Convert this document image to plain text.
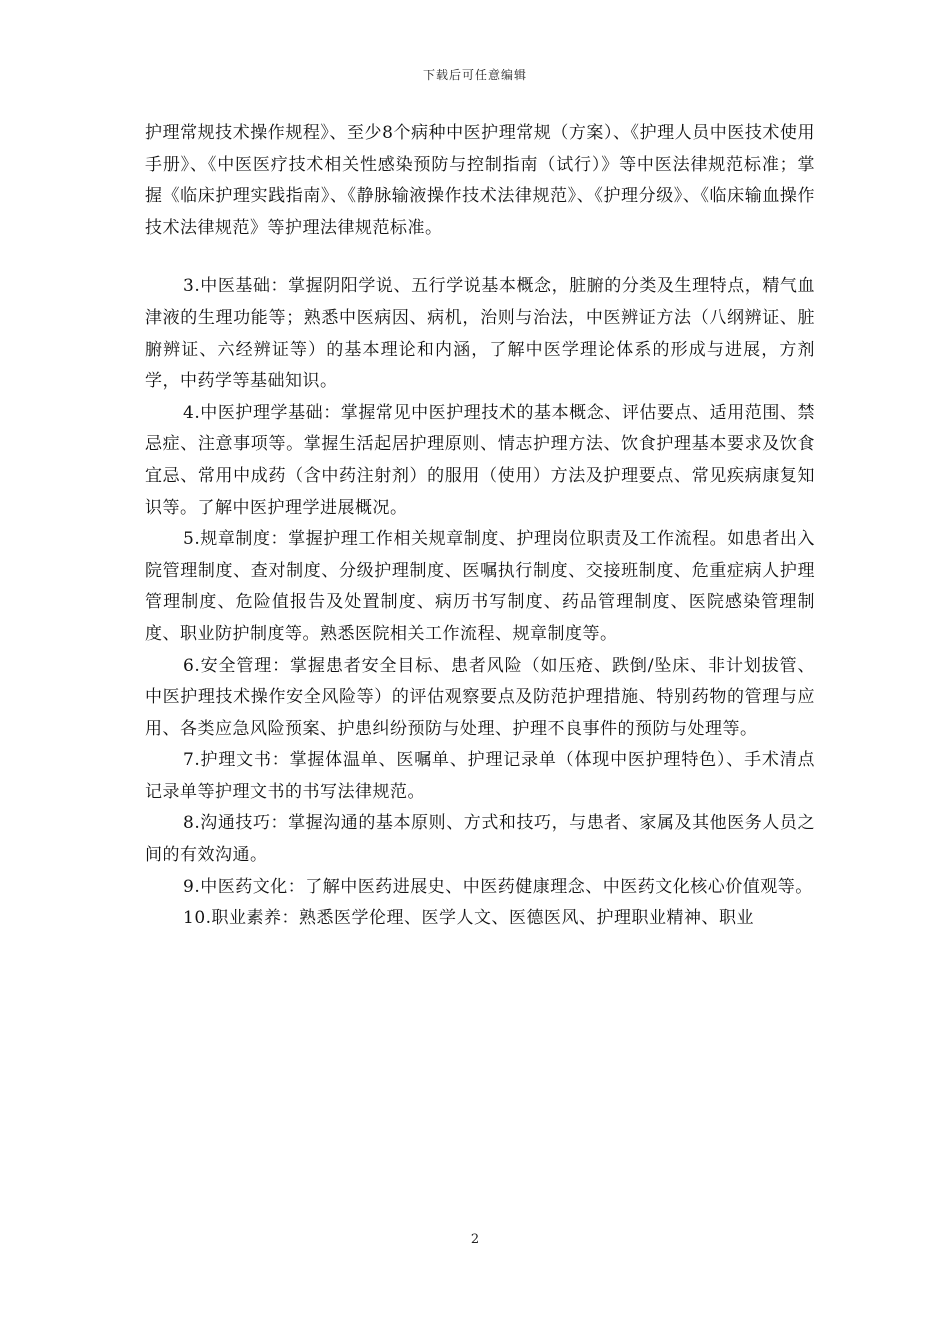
下载后可任意编辑

护理常规技术操作规程》、至少8个病种中医护理常规（方案）、《护理人员中医技术使用手册》、《中医医疗技术相关性感染预防与控制指南（试行）》等中医法律规范标准；掌握《临床护理实践指南》、《静脉输液操作技术法律规范》、《护理分级》、《临床输血操作技术法律规范》等护理法律规范标准。

3.中医基础：掌握阴阳学说、五行学说基本概念，脏腑的分类及生理特点，精气血津液的生理功能等；熟悉中医病因、病机，治则与治法，中医辨证方法（八纲辨证、脏腑辨证、六经辨证等）的基本理论和内涵，了解中医学理论体系的形成与进展，方剂学，中药学等基础知识。

4.中医护理学基础：掌握常见中医护理技术的基本概念、评估要点、适用范围、禁忌症、注意事项等。掌握生活起居护理原则、情志护理方法、饮食护理基本要求及饮食宜忌、常用中成药（含中药注射剂）的服用（使用）方法及护理要点、常见疾病康复知识等。了解中医护理学进展概况。

5.规章制度：掌握护理工作相关规章制度、护理岗位职责及工作流程。如患者出入院管理制度、查对制度、分级护理制度、医嘱执行制度、交接班制度、危重症病人护理管理制度、危险值报告及处置制度、病历书写制度、药品管理制度、医院感染管理制度、职业防护制度等。熟悉医院相关工作流程、规章制度等。

6.安全管理：掌握患者安全目标、患者风险（如压疮、跌倒/坠床、非计划拔管、中医护理技术操作安全风险等）的评估观察要点及防范护理措施、特别药物的管理与应用、各类应急风险预案、护患纠纷预防与处理、护理不良事件的预防与处理等。

7.护理文书：掌握体温单、医嘱单、护理记录单（体现中医护理特色）、手术清点记录单等护理文书的书写法律规范。

8.沟通技巧：掌握沟通的基本原则、方式和技巧，与患者、家属及其他医务人员之间的有效沟通。

9.中医药文化：了解中医药进展史、中医药健康理念、中医药文化核心价值观等。

10.职业素养：熟悉医学伦理、医学人文、医德医风、护理职业精神、职业

2
